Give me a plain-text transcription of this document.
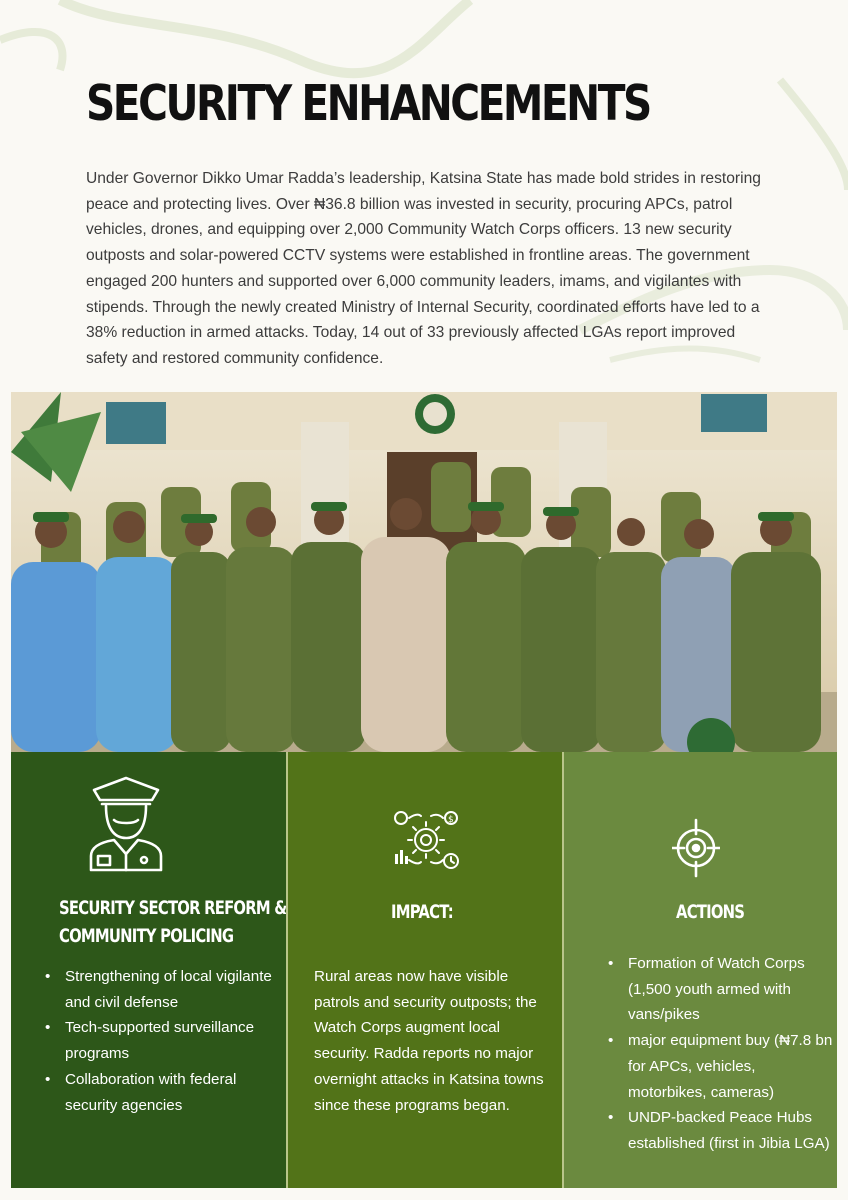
SECURITY ENHANCEMENTS

Under Governor Dikko Umar Radda’s leadership, Katsina State has made bold strides in restoring peace and protecting lives. Over ₦36.8 billion was invested in security, procuring APCs, patrol vehicles, drones, and equipping over 2,000 Community Watch Corps officers. 13 new security outposts and solar-powered CCTV systems were established in frontline areas. The government engaged 200 hunters and supported over 6,000 community leaders, imams, and vigilantes with stipends. Through the newly created Ministry of Internal Security, coordinated efforts have led to a 38% reduction in armed attacks. Today, 14 out of 33 previously affected LGAs report improved safety and restored community confidence.

SECURITY SECTOR REFORM &
COMMUNITY POLICING
• Strengthening of local vigilante and civil defense
• Tech-supported surveillance programs
• Collaboration with federal security agencies
$
IMPACT:

Rural areas now have visible patrols and security outposts; the Watch Corps augment local security. Radda reports no major overnight attacks in Katsina towns since these programs began.

ACTIONS
• Formation of Watch Corps (1,500 youth armed with vans/pikes
• major equipment buy (₦7.8 bn for APCs, vehicles, motorbikes, cameras)
• UNDP-backed Peace Hubs established (first in Jibia LGA)
